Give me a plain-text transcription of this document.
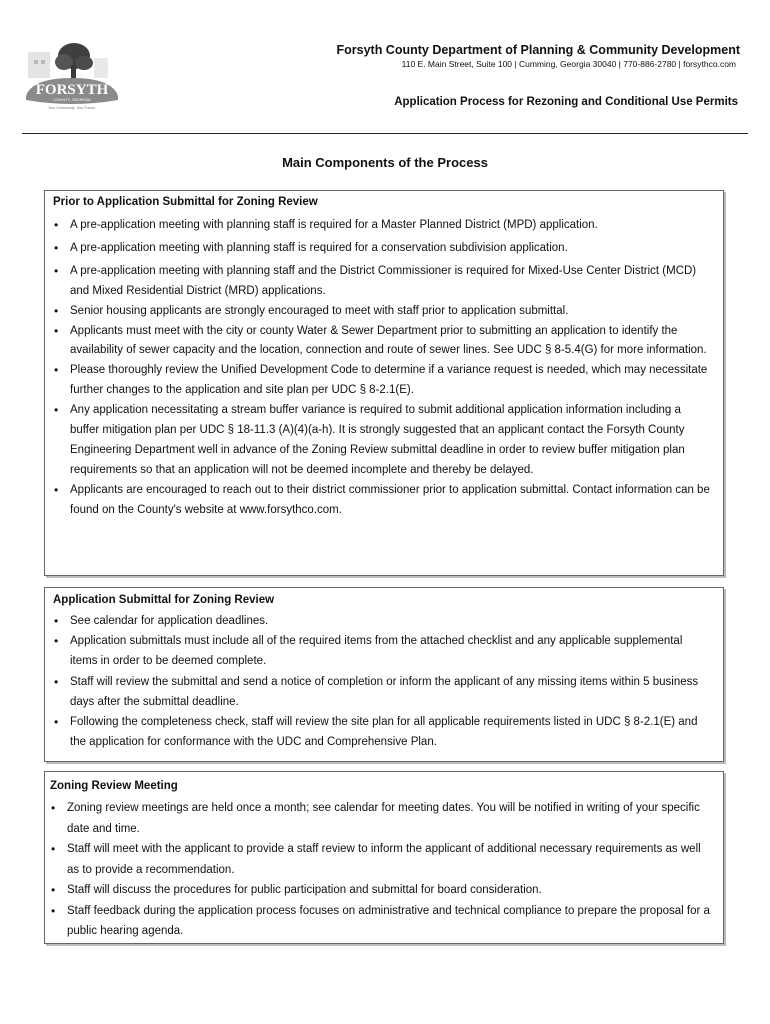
FORSYTH
COUNTY, GEORGIA
Your Community. Your Future.
Forsyth County Department of Planning & Community Development
110 E. Main Street, Suite 100 | Cumming, Georgia 30040 | 770-886-2780 | forsythco.com
Application Process for Rezoning and Conditional Use Permits
Main Components of the Process
Prior to Application Submittal for Zoning Review
• A pre-application meeting with planning staff is required for a Master Planned District (MPD) application.
• A pre-application meeting with planning staff is required for a conservation subdivision application.
• A pre-application meeting with planning staff and the District Commissioner is required for Mixed-Use Center District (MCD) and Mixed Residential District (MRD) applications.
• Senior housing applicants are strongly encouraged to meet with staff prior to application submittal.
• Applicants must meet with the city or county Water & Sewer Department prior to submitting an application to identify the availability of sewer capacity and the location, connection and route of sewer lines. See UDC § 8-5.4(G) for more information.
• Please thoroughly review the Unified Development Code to determine if a variance request is needed, which may necessitate further changes to the application and site plan per UDC § 8-2.1(E).
• Any application necessitating a stream buffer variance is required to submit additional application information including a buffer mitigation plan per UDC § 18-11.3 (A)(4)(a-h). It is strongly suggested that an applicant contact the Forsyth County Engineering Department well in advance of the Zoning Review submittal deadline in order to review buffer mitigation plan requirements so that an application will not be deemed incomplete and thereby be delayed.
• Applicants are encouraged to reach out to their district commissioner prior to application submittal. Contact information can be found on the County's website at www.forsythco.com.
Application Submittal for Zoning Review
• See calendar for application deadlines.
• Application submittals must include all of the required items from the attached checklist and any applicable supplemental items in order to be deemed complete.
• Staff will review the submittal and send a notice of completion or inform the applicant of any missing items within 5 business days after the submittal deadline.
• Following the completeness check, staff will review the site plan for all applicable requirements listed in UDC § 8-2.1(E) and the application for conformance with the UDC and Comprehensive Plan.
Zoning Review Meeting
• Zoning review meetings are held once a month; see calendar for meeting dates. You will be notified in writing of your specific date and time.
• Staff will meet with the applicant to provide a staff review to inform the applicant of additional necessary requirements as well as to provide a recommendation.
• Staff will discuss the procedures for public participation and submittal for board consideration.
• Staff feedback during the application process focuses on administrative and technical compliance to prepare the proposal for a public hearing agenda.
